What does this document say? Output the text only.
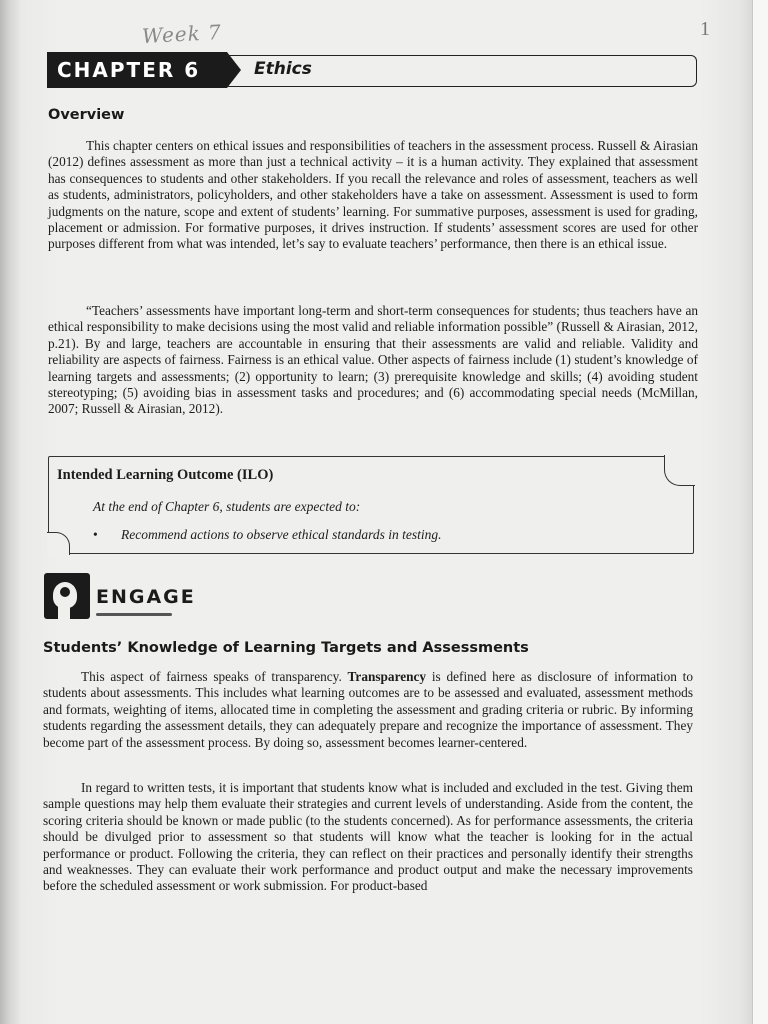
Week 7	1
CHAPTER 6	Ethics
Overview

This chapter centers on ethical issues and responsibilities of teachers in the assessment process. Russell & Airasian (2012) defines assessment as more than just a technical activity – it is a human activity. They explained that assessment has consequences to students and other stakeholders. If you recall the relevance and roles of assessment, teachers as well as students, administrators, policyholders, and other stakeholders have a take on assessment. Assessment is used to form judgments on the nature, scope and extent of students’ learning. For summative purposes, assessment is used for grading, placement or admission. For formative purposes, it drives instruction. If students’ assessment scores are used for other purposes different from what was intended, let’s say to evaluate teachers’ performance, then there is an ethical issue.

“Teachers’ assessments have important long-term and short-term consequences for students; thus teachers have an ethical responsibility to make decisions using the most valid and reliable information possible” (Russell & Airasian, 2012, p.21). By and large, teachers are accountable in ensuring that their assessments are valid and reliable. Validity and reliability are aspects of fairness. Fairness is an ethical value. Other aspects of fairness include (1) student’s knowledge of learning targets and assessments; (2) opportunity to learn; (3) prerequisite knowledge and skills; (4) avoiding student stereotyping; (5) avoiding bias in assessment tasks and procedures; and (6) accommodating special needs (McMillan, 2007; Russell & Airasian, 2012).

Intended Learning Outcome (ILO)
At the end of Chapter 6, students are expected to:
• Recommend actions to observe ethical standards in testing.
ENGAGE
Students’ Knowledge of Learning Targets and Assessments

This aspect of fairness speaks of transparency. Transparency is defined here as disclosure of information to students about assessments. This includes what learning outcomes are to be assessed and evaluated, assessment methods and formats, weighting of items, allocated time in completing the assessment and grading criteria or rubric. By informing students regarding the assessment details, they can adequately prepare and recognize the importance of assessment. They become part of the assessment process. By doing so, assessment becomes learner-centered.

In regard to written tests, it is important that students know what is included and excluded in the test. Giving them sample questions may help them evaluate their strategies and current levels of understanding. Aside from the content, the scoring criteria should be known or made public (to the students concerned). As for performance assessments, the criteria should be divulged prior to assessment so that students will know what the teacher is looking for in the actual performance or product. Following the criteria, they can reflect on their practices and personally identify their strengths and weaknesses. They can evaluate their work performance and product output and make the necessary improvements before the scheduled assessment or work submission. For product-based
